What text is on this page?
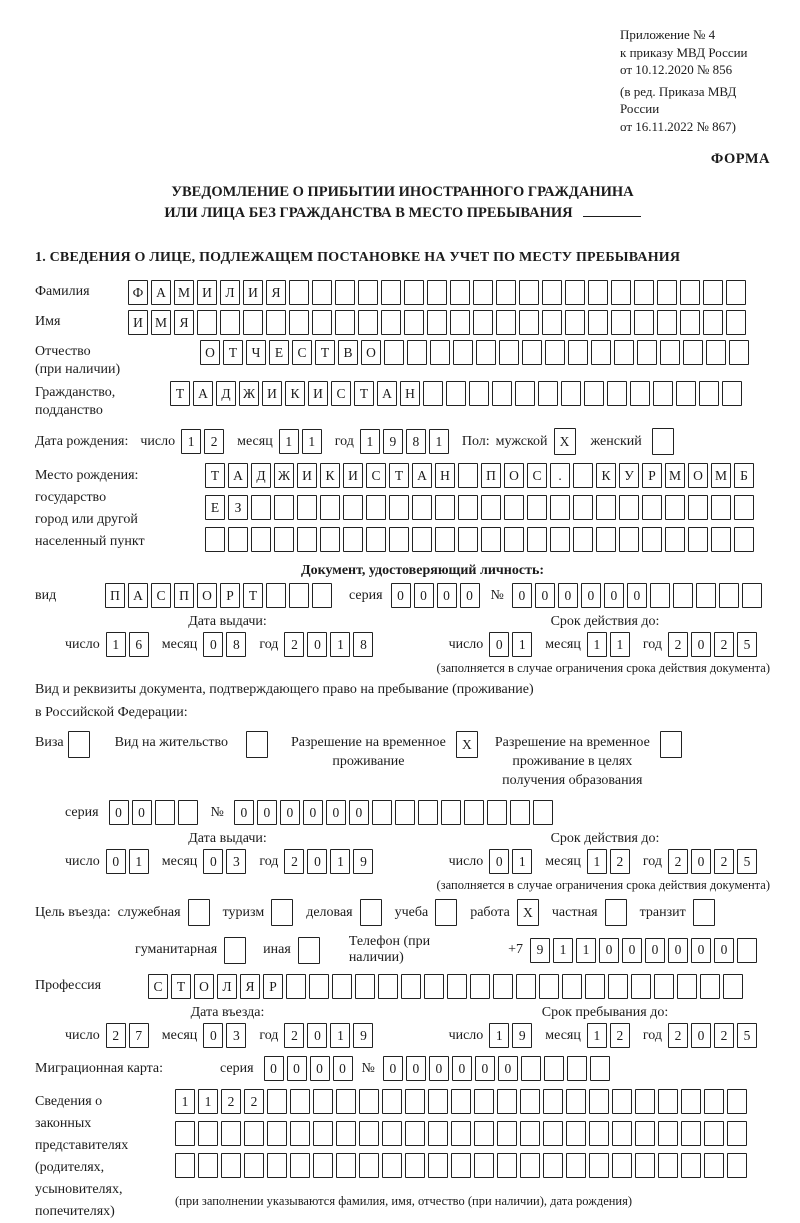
Приложение № 4
к приказу МВД России
от 10.12.2020 № 856
(в ред. Приказа МВД России
от 16.11.2022 № 867)
ФОРМА
УВЕДОМЛЕНИЕ О ПРИБЫТИИ ИНОСТРАННОГО ГРАЖДАНИНА
ИЛИ ЛИЦА БЕЗ ГРАЖДАНСТВА В МЕСТО ПРЕБЫВАНИЯ
1. СВЕДЕНИЯ О ЛИЦЕ, ПОДЛЕЖАЩЕМ ПОСТАНОВКЕ НА УЧЕТ ПО МЕСТУ ПРЕБЫВАНИЯ
Фамилия	Ф А М И	Л	И	Я
Имя	И М Я
Отчество
(при наличии)
О	Т	Ч	Е	С	Т	В	О
Гражданство,
подданство
Т	А	Д Ж И	К	И	С	Т	А Н
Дата рождения: число 1	2	месяц 1	1	год 1	9	8	1	Пол: мужской X	женский
Место рождения:
государство
город или другой
населенный пункт
Т	А	Д Ж И	К	И	С	Т	А Н	П О	С	.	К	У	Р М О М Б
Е	З
Документ, удостоверяющий личность:
вид	П А	С	П О	Р	Т	серия	0	0	0	0	№	0	0	0	0	0	0
Дата выдачи:	Срок действия до:
число 1	6	месяц 0	8	год 2	0	1	8	число 0	1	месяц 1	1	год 2	0	2	5
(заполняется в случае ограничения срока действия документа)
Вид и реквизиты документа, подтверждающего право на пребывание (проживание)
в Российской Федерации:
Виза	Вид на жительство	Разрешение на временное
проживание
X	Разрешение на временное
проживание в целях
получения образования
серия	0	0	№	0	0	0	0	0	0
Дата выдачи:	Срок действия до:
число 0	1	месяц 0	3	год 2	0	1	9	число 0	1	месяц 1	2	год 2	0	2	5
(заполняется в случае ограничения срока действия документа)
Цель въезда: служебная	туризм	деловая	учеба	работа X	частная	транзит
гуманитарная	иная
Телефон (при наличии)
+7	9	1	1	0	0	0	0	0	0
Профессия	С	Т	О	Л	Я	Р
Дата въезда:	Срок пребывания до:
число 2	7	месяц 0	3	год 2	0	1	9	число 1	9	месяц 1	2	год 2	0	2	5
Миграционная карта:	серия	0	0	0	0	№	0	0	0	0	0	0
Сведения о
законных
представителях
(родителях,
усыновителях,
попечителях)
1	1	2	2
(при заполнении указываются фамилия, имя, отчество (при наличии), дата рождения)
